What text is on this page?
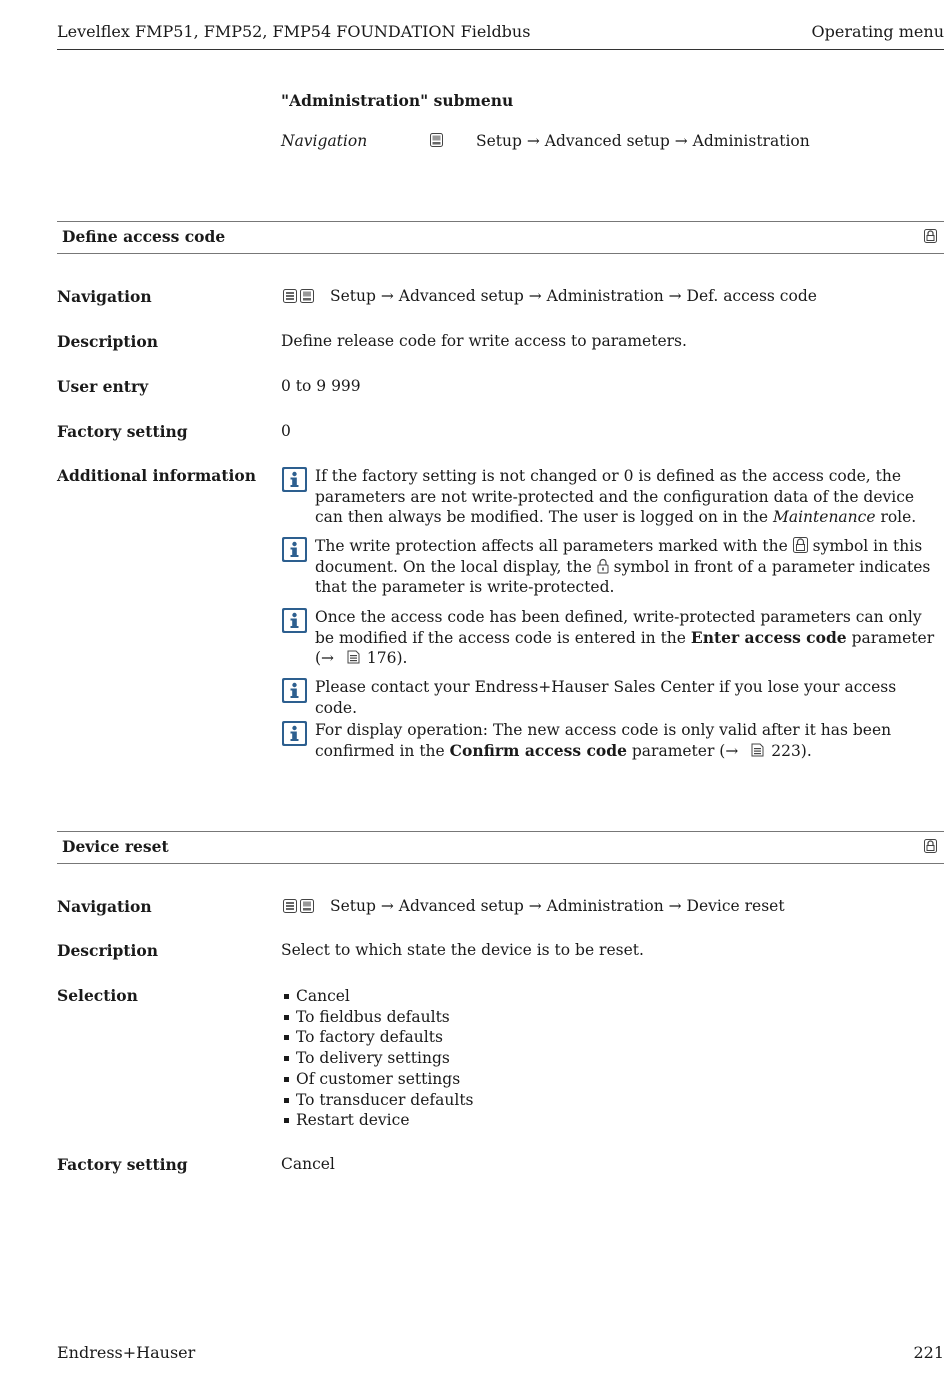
Levelflex FMP51, FMP52, FMP54 FOUNDATION Fieldbus	Operating menu
"Administration" submenu
Navigation	Setup → Advanced setup → Administration
Define access code
Navigation	Setup → Advanced setup → Administration → Def. access code
Description	Define release code for write access to parameters.
User entry	0 to 9 999
Factory setting	0
Additional information	If the factory setting is not changed or 0 is defined as the access code, the parameters are not write-protected and the configuration data of the device can then always be modified. The user is logged on in the Maintenance role.
The write protection affects all parameters marked with the symbol in this document. On the local display, the symbol in front of a parameter indicates that the parameter is write-protected.
Once the access code has been defined, write-protected parameters can only be modified if the access code is entered in the Enter access code parameter (→ 176).
Please contact your Endress+Hauser Sales Center if you lose your access code.
For display operation: The new access code is only valid after it has been confirmed in the Confirm access code parameter (→ 223).
Device reset
Navigation	Setup → Advanced setup → Administration → Device reset
Description	Select to which state the device is to be reset.
Selection	Cancel
To fieldbus defaults
To factory defaults
To delivery settings
Of customer settings
To transducer defaults
Restart device
Factory setting	Cancel
Endress+Hauser	221
